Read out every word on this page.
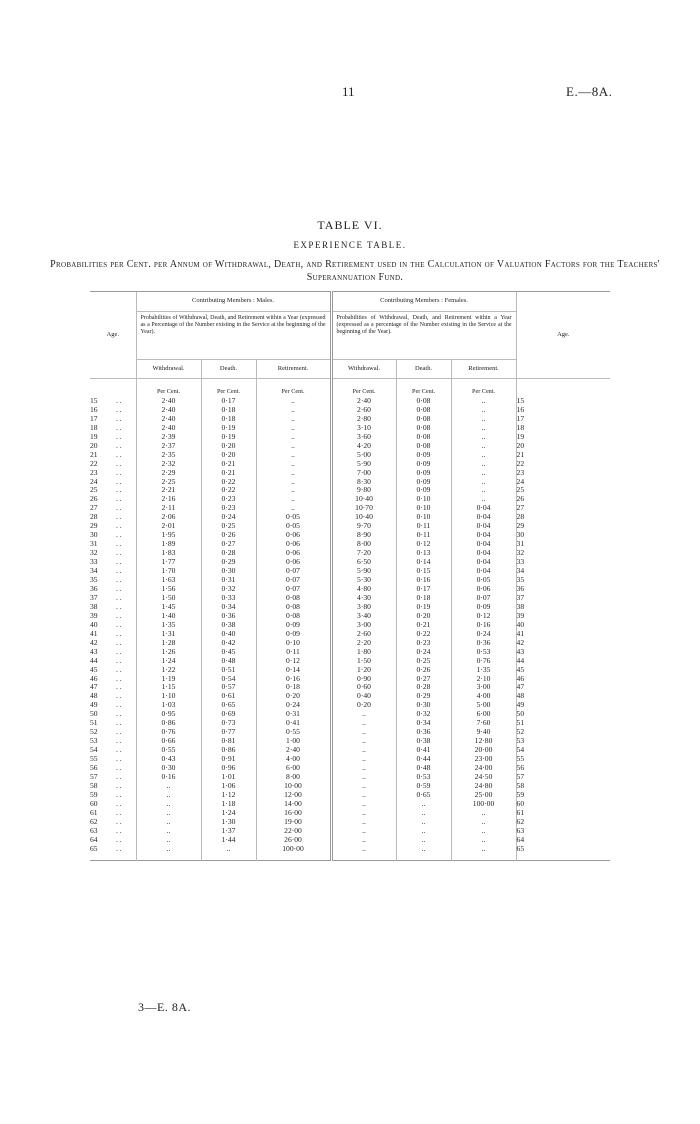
11	E.—8A.
TABLE VI.
EXPERIENCE TABLE.
Probabilities per Cent. per Annum of Withdrawal, Death, and Retirement used in the Calculation of Valuation Factors for the Teachers' Superannuation Fund.
Age.		Contributing Members : Males.			Contributing Members : Females.			Age.
		Probabilities of Withdrawal, Death, and Retirement within a Year (expressed as a Percentage of the Number existing in the Service at the beginning of the Year).			Probabilities of Withdrawal, Death, and Retirement within a Year (expressed as a percentage of the Number existing in the Service at the beginning of the Year).			
		Withdrawal.	Death.	Retirement.	Withdrawal.	Death.	Retirement.	
		Per Cent.	Per Cent.	Per Cent.	Per Cent.	Per Cent.	Per Cent.	
15	. .	2·40	0·17	..	2·40	0·08	..	15
16	. .	2·40	0·18	..	2·60	0·08	..	16
17	. .	2·40	0·18	..	2·80	0·08	..	17
18	. .	2·40	0·19	..	3·10	0·08	..	18
19	. .	2·39	0·19	..	3·60	0·08	..	19
20	. .	2·37	0·20	..	4·20	0·08	..	20
21	. .	2·35	0·20	..	5·00	0·09	..	21
22	. .	2·32	0·21	..	5·90	0·09	..	22
23	. .	2·29	0·21	..	7·00	0·09	..	23
24	. .	2·25	0·22	..	8·30	0·09	..	24
25	. .	2·21	0·22	..	9·80	0·09	..	25
26	. .	2·16	0·23	..	10·40	0·10	..	26
27	. .	2·11	0·23	..	10·70	0·10	0·04	27
28	. .	2·06	0·24	0·05	10·40	0·10	0·04	28
29	. .	2·01	0·25	0·05	9·70	0·11	0·04	29
30	. .	1·95	0·26	0·06	8·90	0·11	0·04	30
31	. .	1·89	0·27	0·06	8·00	0·12	0·04	31
32	. .	1·83	0·28	0·06	7·20	0·13	0·04	32
33	. .	1·77	0·29	0·06	6·50	0·14	0·04	33
34	. .	1·70	0·30	0·07	5·90	0·15	0·04	34
35	. .	1·63	0·31	0·07	5·30	0·16	0·05	35
36	. .	1·56	0·32	0·07	4·80	0·17	0·06	36
37	. .	1·50	0·33	0·08	4·30	0·18	0·07	37
38	. .	1·45	0·34	0·08	3·80	0·19	0·09	38
39	. .	1·40	0·36	0·08	3·40	0·20	0·12	39
40	. .	1·35	0·38	0·09	3·00	0·21	0·16	40
41	. .	1·31	0·40	0·09	2·60	0·22	0·24	41
42	. .	1·28	0·42	0·10	2·20	0·23	0·36	42
43	. .	1·26	0·45	0·11	1·80	0·24	0·53	43
44	. .	1·24	0·48	0·12	1·50	0·25	0·76	44
45	. .	1·22	0·51	0·14	1·20	0·26	1·35	45
46	. .	1·19	0·54	0·16	0·90	0·27	2·10	46
47	. .	1·15	0·57	0·18	0·60	0·28	3·00	47
48	. .	1·10	0·61	0·20	0·40	0·29	4·00	48
49	. .	1·03	0·65	0·24	0·20	0·30	5·00	49
50	. .	0·95	0·69	0·31	..	0·32	6·00	50
51	. .	0·86	0·73	0·41	..	0·34	7·60	51
52	. .	0·76	0·77	0·55	..	0·36	9·40	52
53	. .	0·66	0·81	1·00	..	0·38	12·80	53
54	. .	0·55	0·86	2·40	..	0·41	20·00	54
55	. .	0·43	0·91	4·00	..	0·44	23·00	55
56	. .	0·30	0·96	6·00	..	0·48	24·00	56
57	. .	0·16	1·01	8·00	..	0·53	24·50	57
58	. .	..	1·06	10·00	..	0·59	24·80	58
59	. .	..	1·12	12·00	..	0·65	25·00	59
60	. .	..	1·18	14·00	..	..	100·00	60
61	. .	..	1·24	16·00	..	..	..	61
62	. .	..	1·30	19·00	..	..	..	62
63	. .	..	1·37	22·00	..	..	..	63
64	. .	..	1·44	26·00	..	..	..	64
65	. .	..	..	100·00	..	..	..	65

3—E. 8A.
